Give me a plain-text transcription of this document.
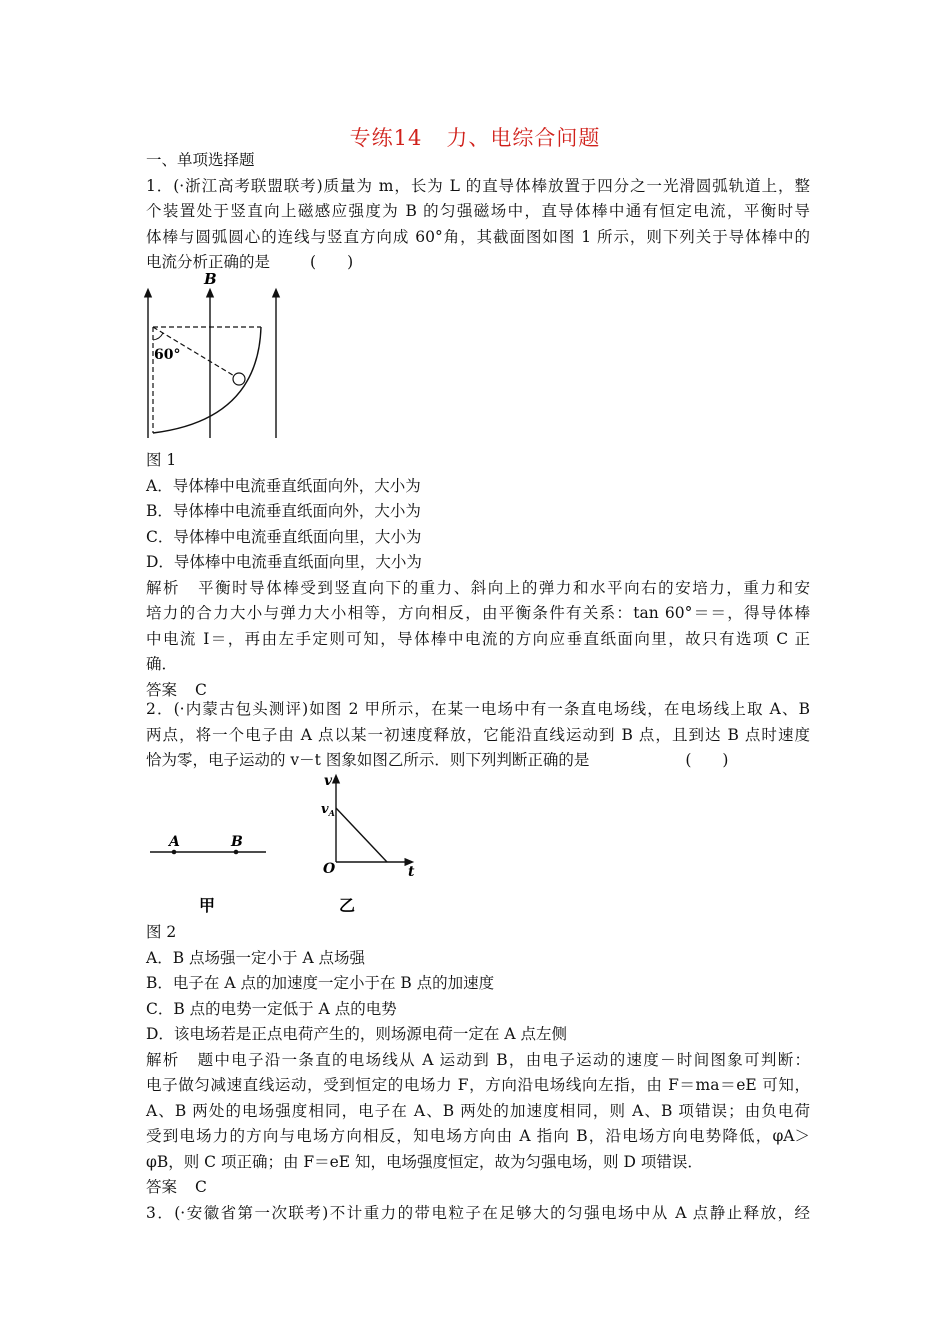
专练14 力、电综合问题
一、单项选择题
1．(·浙江高考联盟联考)质量为 m，长为 L 的直导体棒放置于四分之一光滑圆弧轨道上，整
个装置处于竖直向上磁感应强度为 B 的匀强磁场中，直导体棒中通有恒定电流，平衡时导
体棒与圆弧圆心的连线与竖直方向成 60°角，其截面图如图 1 所示，则下列关于导体棒中的
电流分析正确的是	(　　)
B
60°
图 1
A．导体棒中电流垂直纸面向外，大小为
B．导体棒中电流垂直纸面向外，大小为
C．导体棒中电流垂直纸面向里，大小为
D．导体棒中电流垂直纸面向里，大小为
解析 平衡时导体棒受到竖直向下的重力、斜向上的弹力和水平向右的安培力，重力和安
培力的合力大小与弹力大小相等，方向相反，由平衡条件有关系：tan 60°＝＝，得导体棒
中电流 I＝，再由左手定则可知，导体棒中电流的方向应垂直纸面向里，故只有选项 C 正
确．
答案 C
2．(·内蒙古包头测评)如图 2 甲所示，在某一电场中有一条直电场线，在电场线上取 A、B
两点，将一个电子由 A 点以某一初速度释放，它能沿直线运动到 B 点，且到达 B 点时速度
恰为零，电子运动的 v－t 图象如图乙所示．则下列判断正确的是	(　　)
A	B
v
$v_A$
O	t
甲	乙
图 2
A．B 点场强一定小于 A 点场强
B．电子在 A 点的加速度一定小于在 B 点的加速度
C．B 点的电势一定低于 A 点的电势
D．该电场若是正点电荷产生的，则场源电荷一定在 A 点左侧
解析 题中电子沿一条直的电场线从 A 运动到 B，由电子运动的速度－时间图象可判断：
电子做匀减速直线运动，受到恒定的电场力 F，方向沿电场线向左指，由 F＝ma＝eE 可知，
A、B 两处的电场强度相同，电子在 A、B 两处的加速度相同，则 A、B 项错误；由负电荷
受到电场力的方向与电场方向相反，知电场方向由 A 指向 B，沿电场方向电势降低，φA＞
φB，则 C 项正确；由 F＝eE 知，电场强度恒定，故为匀强电场，则 D 项错误．
答案 C
3．(·安徽省第一次联考)不计重力的带电粒子在足够大的匀强电场中从 A 点静止释放，经
